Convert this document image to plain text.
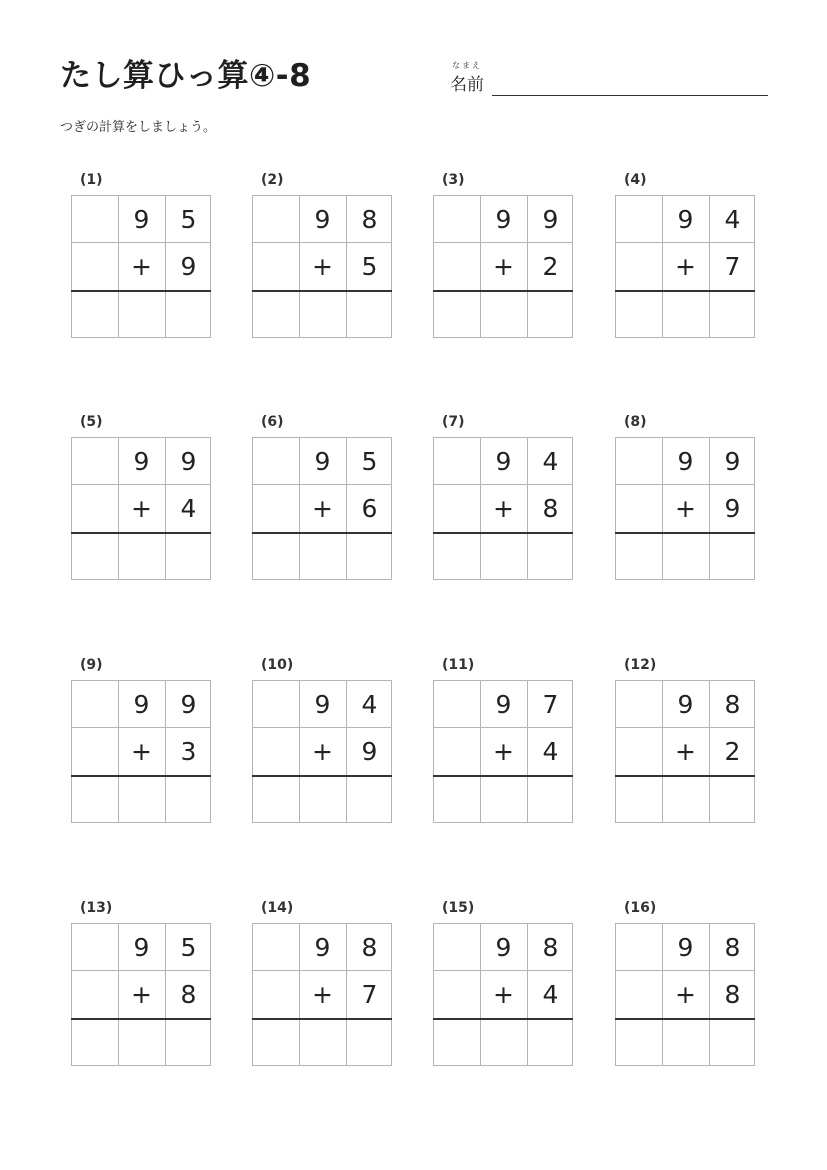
たし算ひっ算④-8	なまえ
名前
つぎの計算をしましょう。
(1)
9	5
+	9
(2)
9	8
+	5
(3)
9	9
+	2
(4)
9	4
+	7
(5)
9	9
+	4
(6)
9	5
+	6
(7)
9	4
+	8
(8)
9	9
+	9
(9)
9	9
+	3
(10)
9	4
+	9
(11)
9	7
+	4
(12)
9	8
+	2
(13)
9	5
+	8
(14)
9	8
+	7
(15)
9	8
+	4
(16)
9	8
+	8
